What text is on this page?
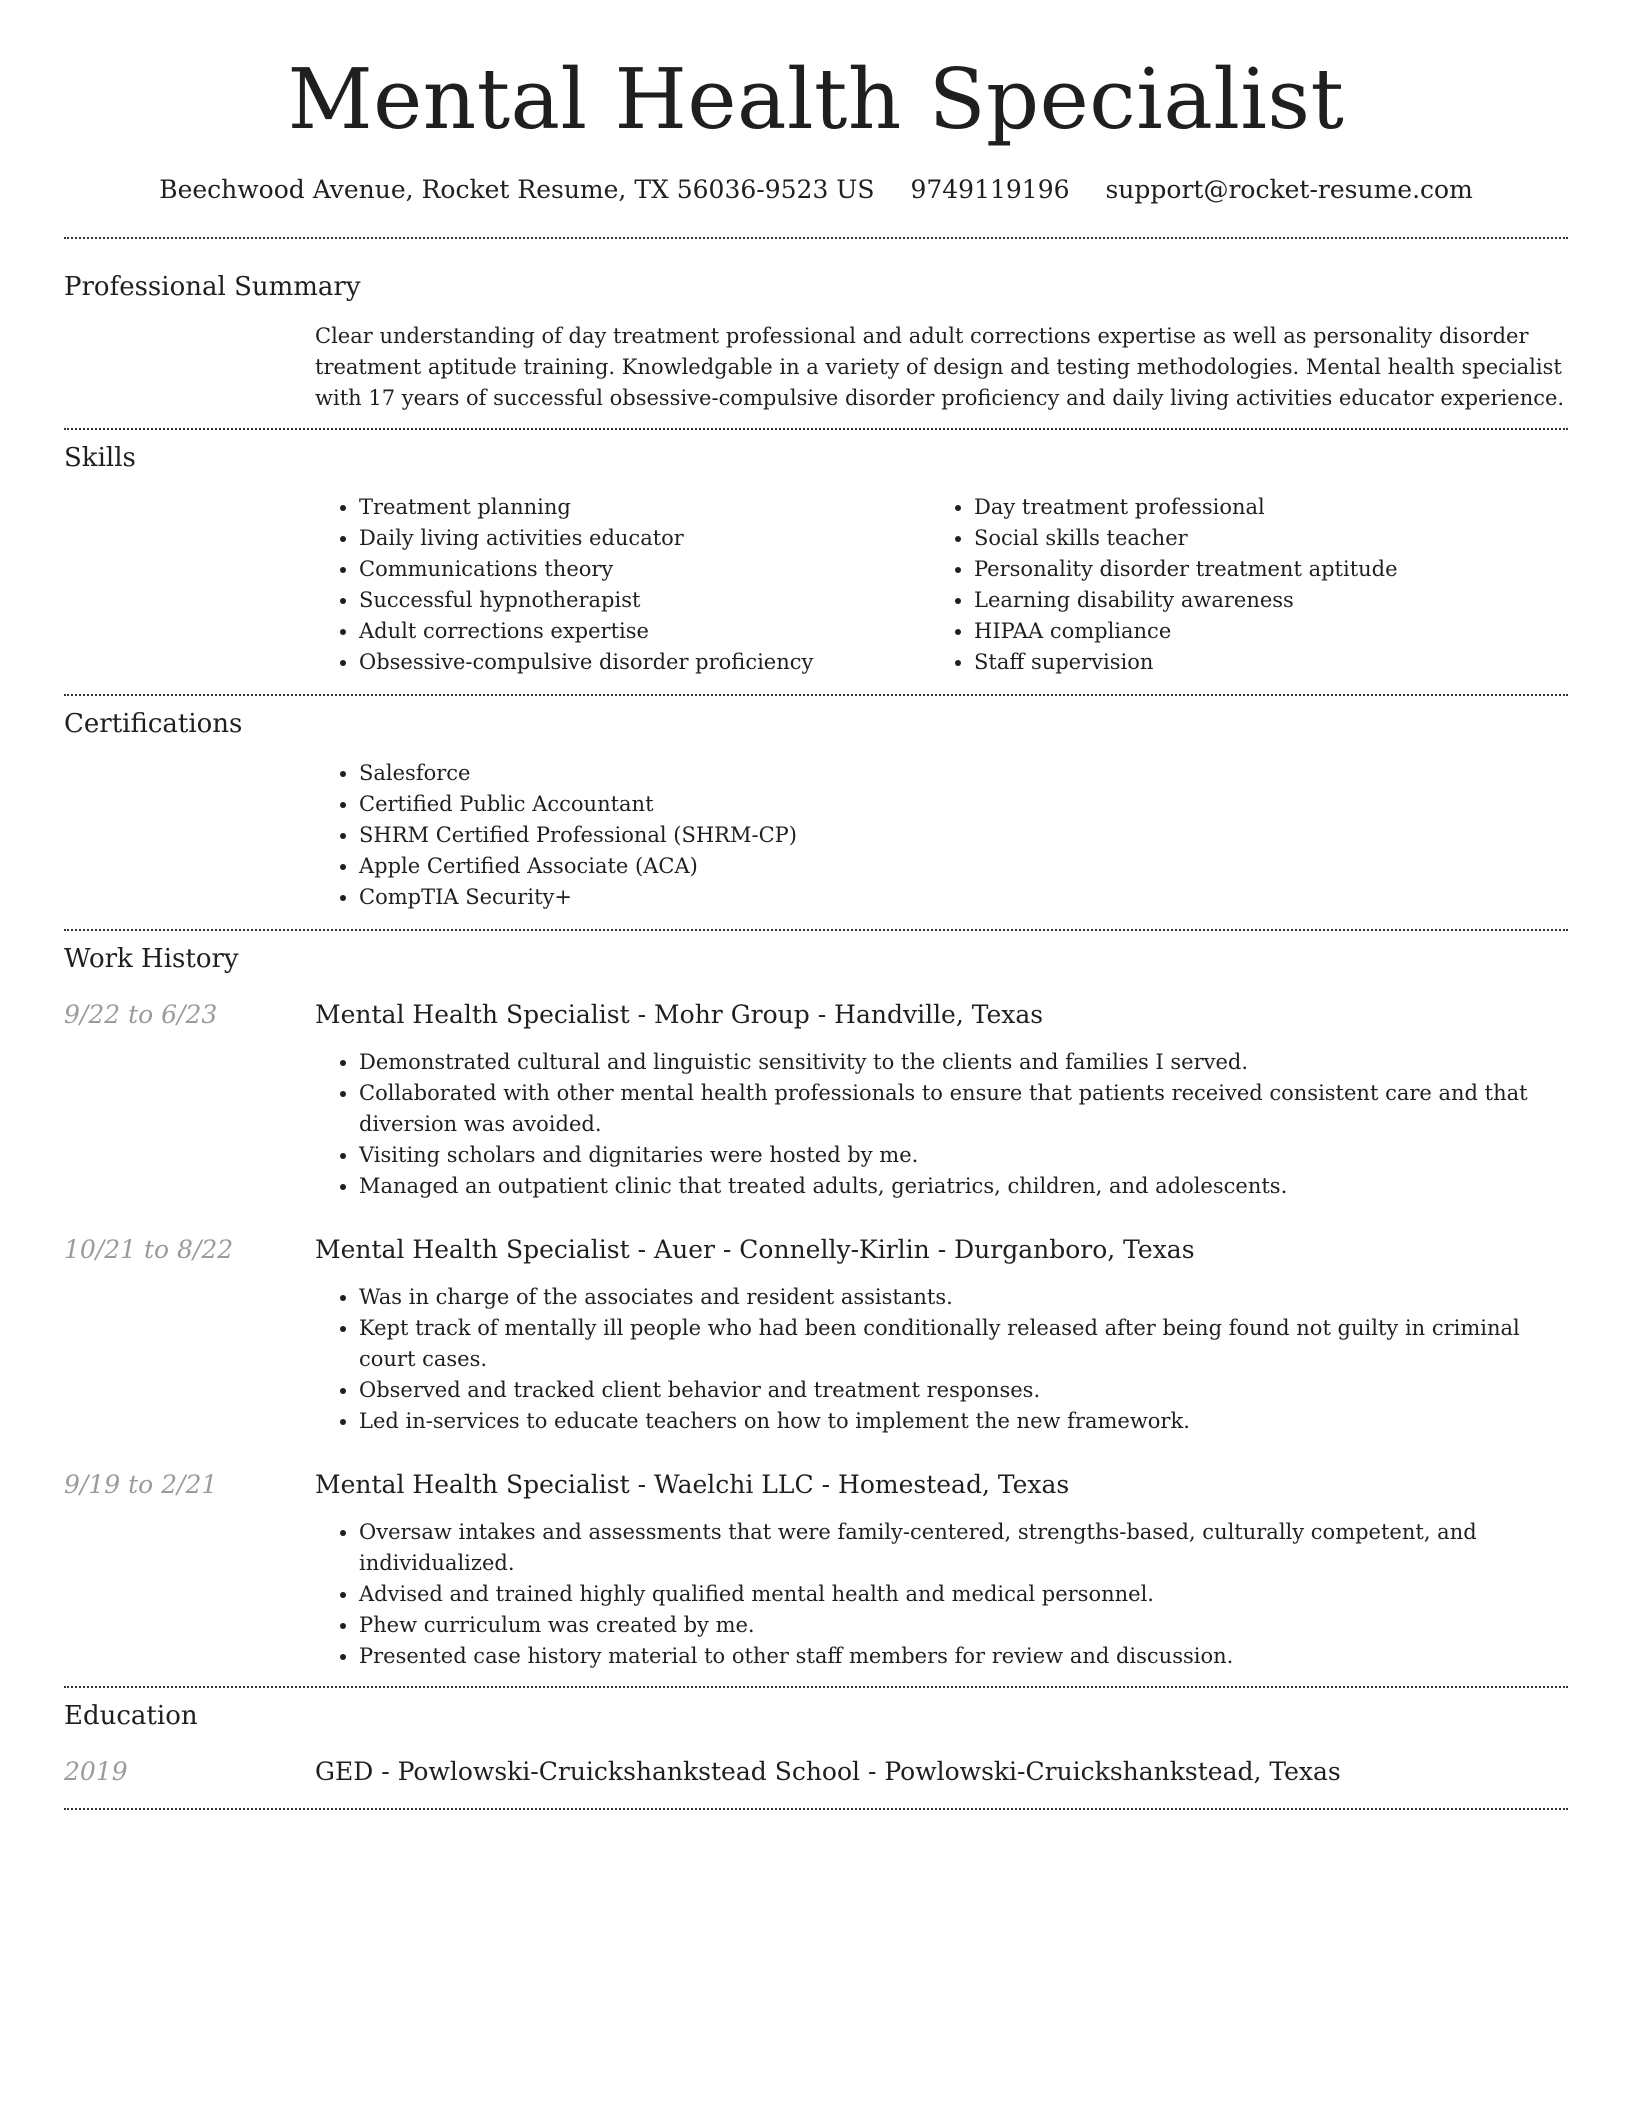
Mental Health Specialist
Beechwood Avenue, Rocket Resume, TX 56036-9523 US 9749119196 support@rocket-resume.com
Professional Summary

Clear understanding of day treatment professional and adult corrections expertise as well as personality disorder treatment aptitude training. Knowledgable in a variety of design and testing methodologies. Mental health specialist with 17 years of successful obsessive-compulsive disorder proficiency and daily living activities educator experience.

Skills
• Treatment planning
• Daily living activities educator
• Communications theory
• Successful hypnotherapist
• Adult corrections expertise
• Obsessive-compulsive disorder proficiency
• Day treatment professional
• Social skills teacher
• Personality disorder treatment aptitude
• Learning disability awareness
• HIPAA compliance
• Staff supervision
Certifications
• Salesforce
• Certified Public Accountant
• SHRM Certified Professional (SHRM-CP)
• Apple Certified Associate (ACA)
• CompTIA Security+
Work History
9/22 to 6/23	Mental Health Specialist - Mohr Group - Handville, Texas
• Demonstrated cultural and linguistic sensitivity to the clients and families I served.
• Collaborated with other mental health professionals to ensure that patients received consistent care and that diversion was avoided.
• Visiting scholars and dignitaries were hosted by me.
• Managed an outpatient clinic that treated adults, geriatrics, children, and adolescents.
10/21 to 8/22	Mental Health Specialist - Auer - Connelly-Kirlin - Durganboro, Texas
• Was in charge of the associates and resident assistants.
• Kept track of mentally ill people who had been conditionally released after being found not guilty in criminal court cases.
• Observed and tracked client behavior and treatment responses.
• Led in-services to educate teachers on how to implement the new framework.
9/19 to 2/21	Mental Health Specialist - Waelchi LLC - Homestead, Texas
• Oversaw intakes and assessments that were family-centered, strengths-based, culturally competent, and individualized.
• Advised and trained highly qualified mental health and medical personnel.
• Phew curriculum was created by me.
• Presented case history material to other staff members for review and discussion.
Education
2019	GED - Powlowski-Cruickshankstead School - Powlowski-Cruickshankstead, Texas
